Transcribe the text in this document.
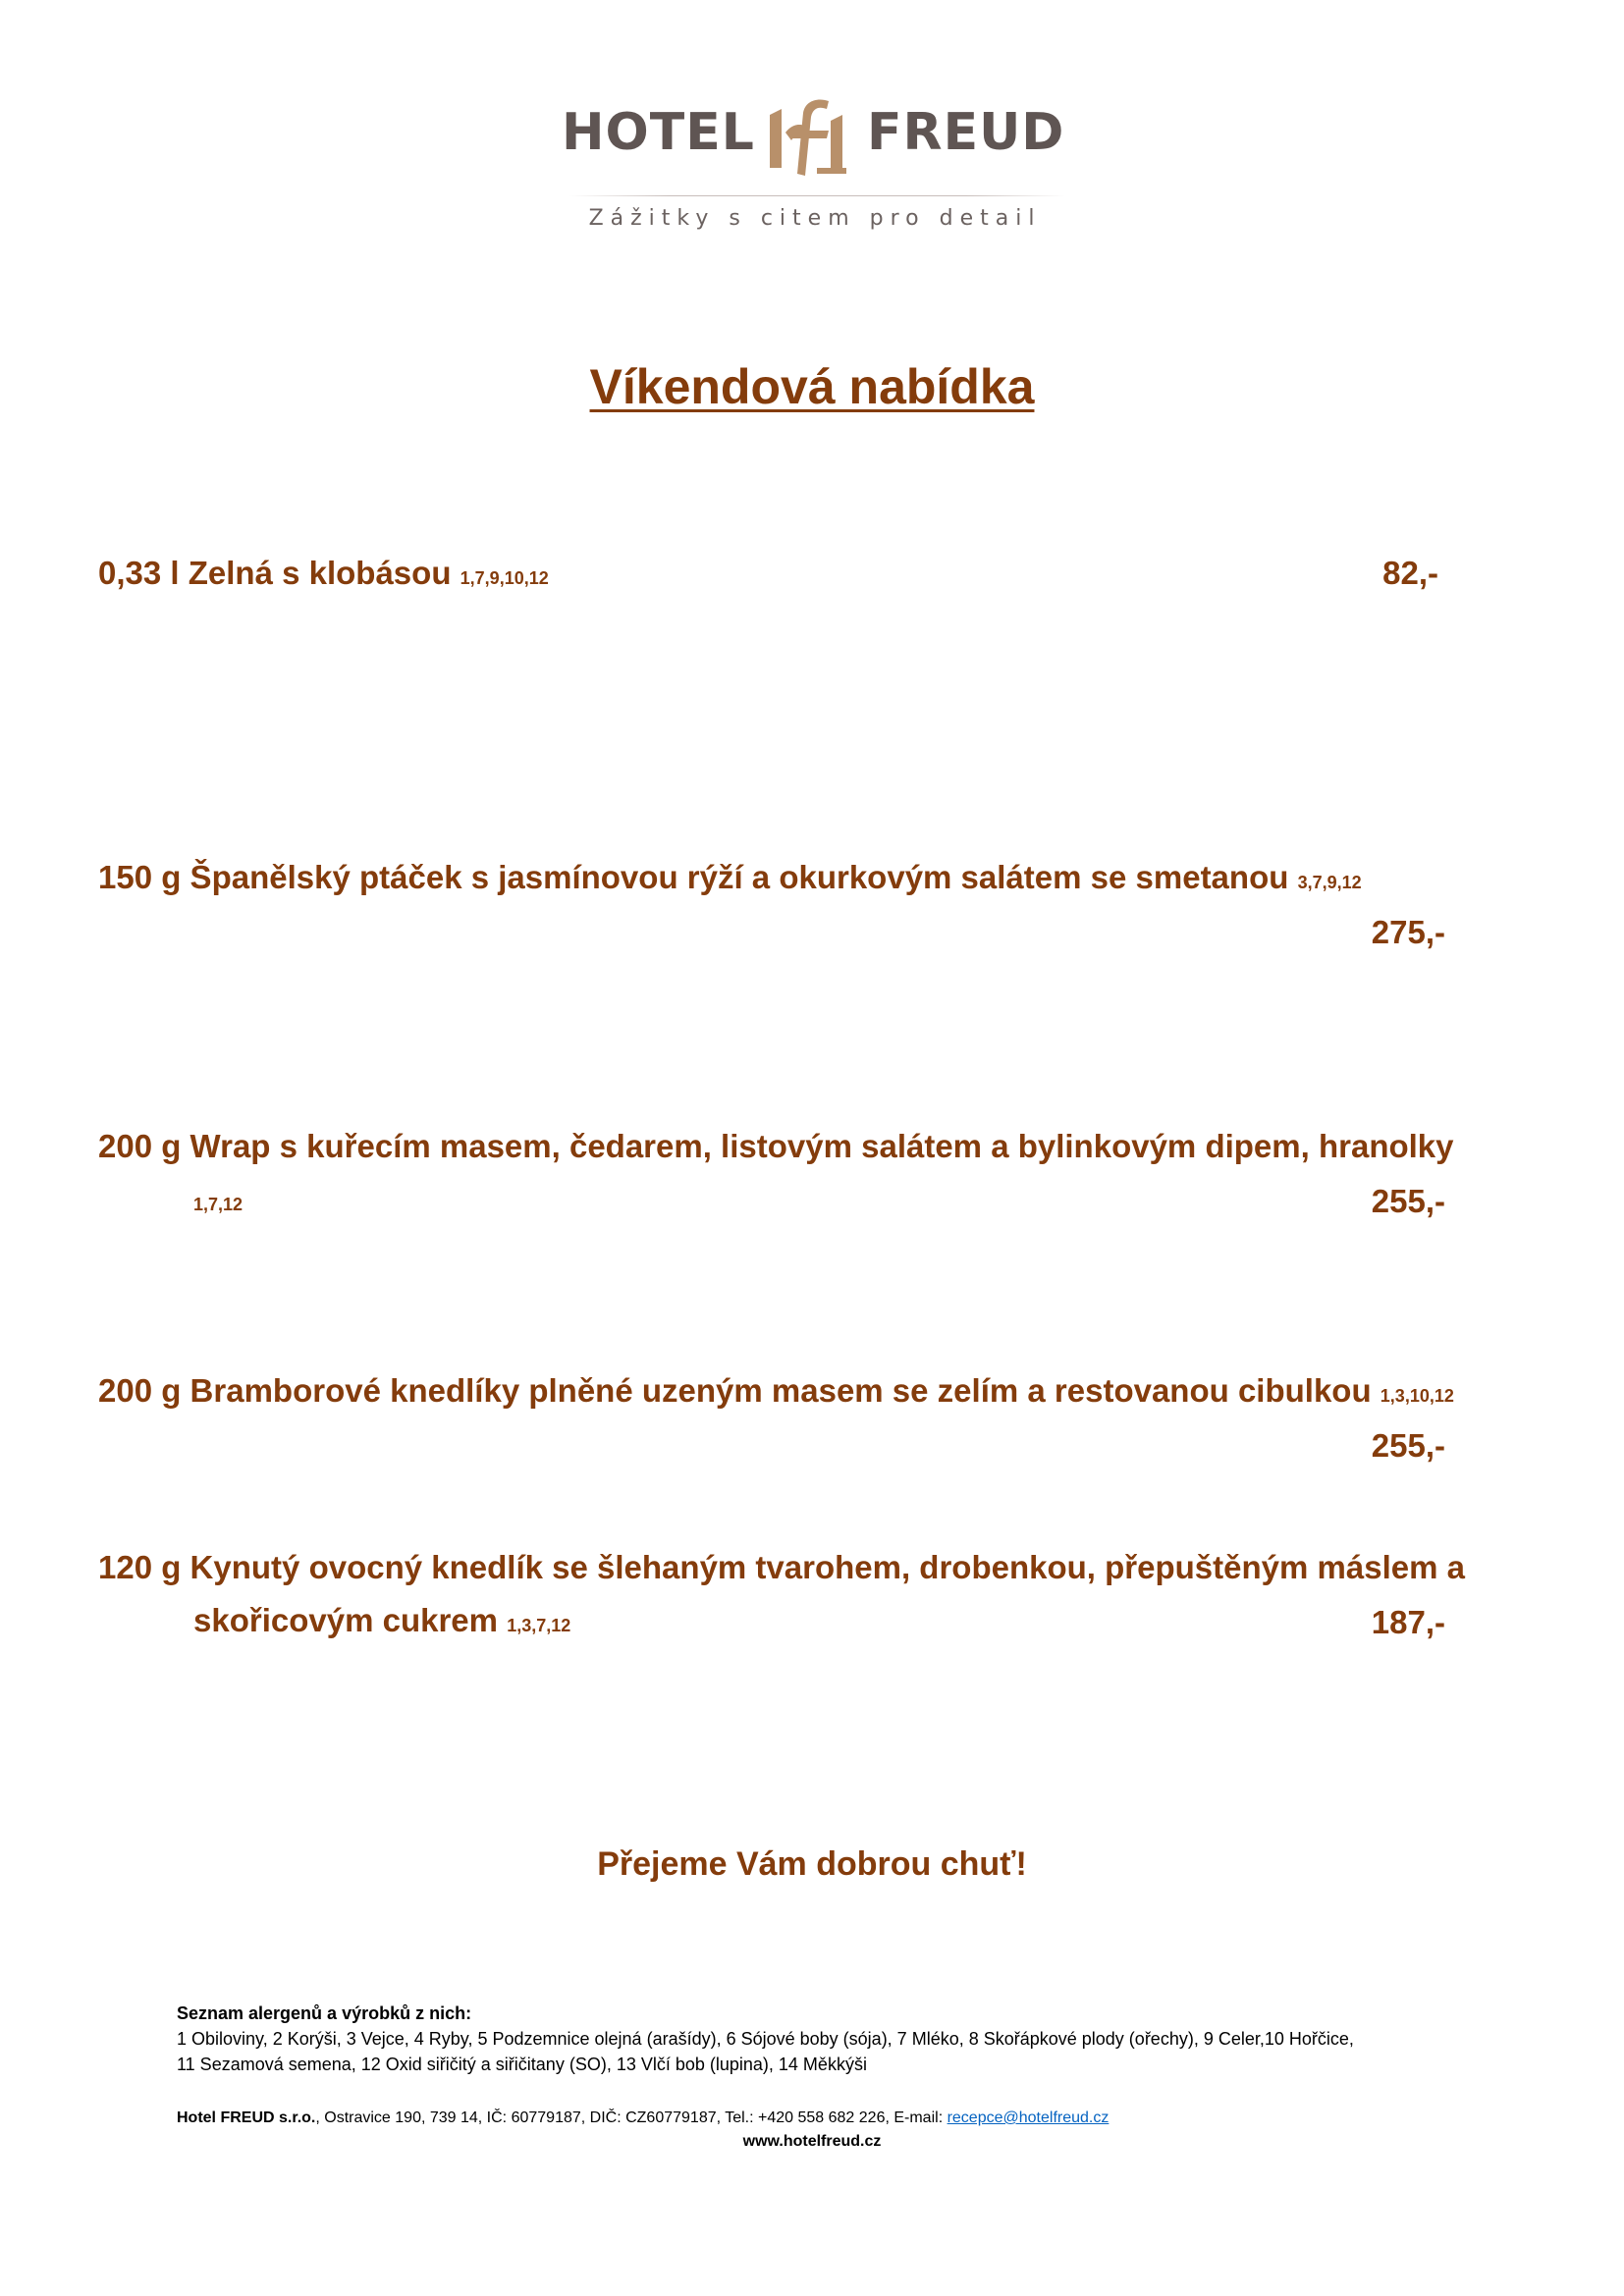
HOTEL FREUD
Zážitky s citem pro detail
Víkendová nabídka
0,33 l Zelná s klobásou 1,7,9,10,12	82,-
150 g Španělský ptáček s jasmínovou rýží a okurkovým salátem se smetanou 3,7,9,12
275,-
200 g Wrap s kuřecím masem, čedarem, listovým salátem a bylinkovým dipem, hranolky
1,7,12	255,-
200 g Bramborové knedlíky plněné uzeným masem se zelím a restovanou cibulkou 1,3,10,12
255,-
120 g Kynutý ovocný knedlík se šlehaným tvarohem, drobenkou, přepuštěným máslem a
skořicovým cukrem 1,3,7,12	187,-
Přejeme Vám dobrou chuť!
Seznam alergenů a výrobků z nich:
1 Obiloviny, 2 Korýši, 3 Vejce, 4 Ryby, 5 Podzemnice olejná (arašídy), 6 Sójové boby (sója), 7 Mléko, 8 Skořápkové plody (ořechy), 9 Celer,10 Hořčice,
11 Sezamová semena, 12 Oxid siřičitý a siřičitany (SO), 13 Vlčí bob (lupina), 14 Měkkýši
Hotel FREUD s.r.o., Ostravice 190, 739 14, IČ: 60779187, DIČ: CZ60779187, Tel.: +420 558 682 226, E-mail: recepce@hotelfreud.cz
www.hotelfreud.cz
